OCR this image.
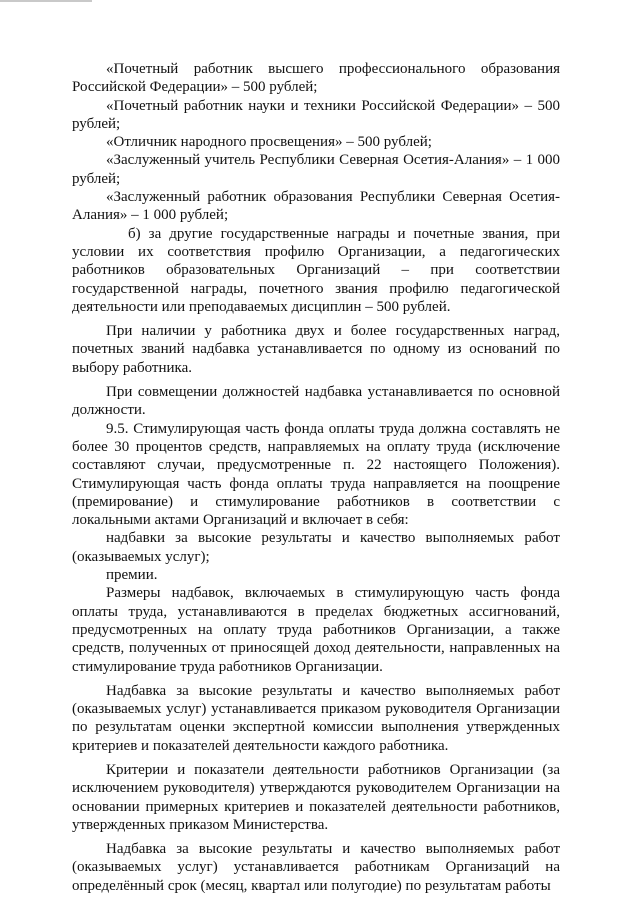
«Почетный работник высшего профессионального образования Российской Федерации» – 500 рублей;

«Почетный работник науки и техники Российской Федерации» – 500 рублей;

«Отличник народного просвещения» – 500 рублей;

«Заслуженный учитель Республики Северная Осетия-Алания» – 1 000 рублей;

«Заслуженный работник образования Республики Северная Осетия-Алания» – 1 000 рублей;

б) за другие государственные награды и почетные звания, при условии их соответствия профилю Организации, а педагогических работников образовательных Организаций – при соответствии государственной награды, почетного звания профилю педагогической деятельности или преподаваемых дисциплин – 500 рублей.

При наличии у работника двух и более государственных наград, почетных званий надбавка устанавливается по одному из оснований по выбору работника.

При совмещении должностей надбавка устанавливается по основной должности.

9.5. Стимулирующая часть фонда оплаты труда должна составлять не более 30 процентов средств, направляемых на оплату труда (исключение составляют случаи, предусмотренные п. 22 настоящего Положения). Стимулирующая часть фонда оплаты труда направляется на поощрение (премирование) и стимулирование работников в соответствии с локальными актами Организаций и включает в себя:

надбавки за высокие результаты и качество выполняемых работ (оказываемых услуг);

премии.

Размеры надбавок, включаемых в стимулирующую часть фонда оплаты труда, устанавливаются в пределах бюджетных ассигнований, предусмотренных на оплату труда работников Организации, а также средств, полученных от приносящей доход деятельности, направленных на стимулирование труда работников Организации.

Надбавка за высокие результаты и качество выполняемых работ (оказываемых услуг) устанавливается приказом руководителя Организации по результатам оценки экспертной комиссии выполнения утвержденных критериев и показателей деятельности каждого работника.

Критерии и показатели деятельности работников Организации (за исключением руководителя) утверждаются руководителем Организации на основании примерных критериев и показателей деятельности работников, утвержденных приказом Министерства.

Надбавка за высокие результаты и качество выполняемых работ (оказываемых услуг) устанавливается работникам Организаций на определённый срок (месяц, квартал или полугодие) по результатам работы
